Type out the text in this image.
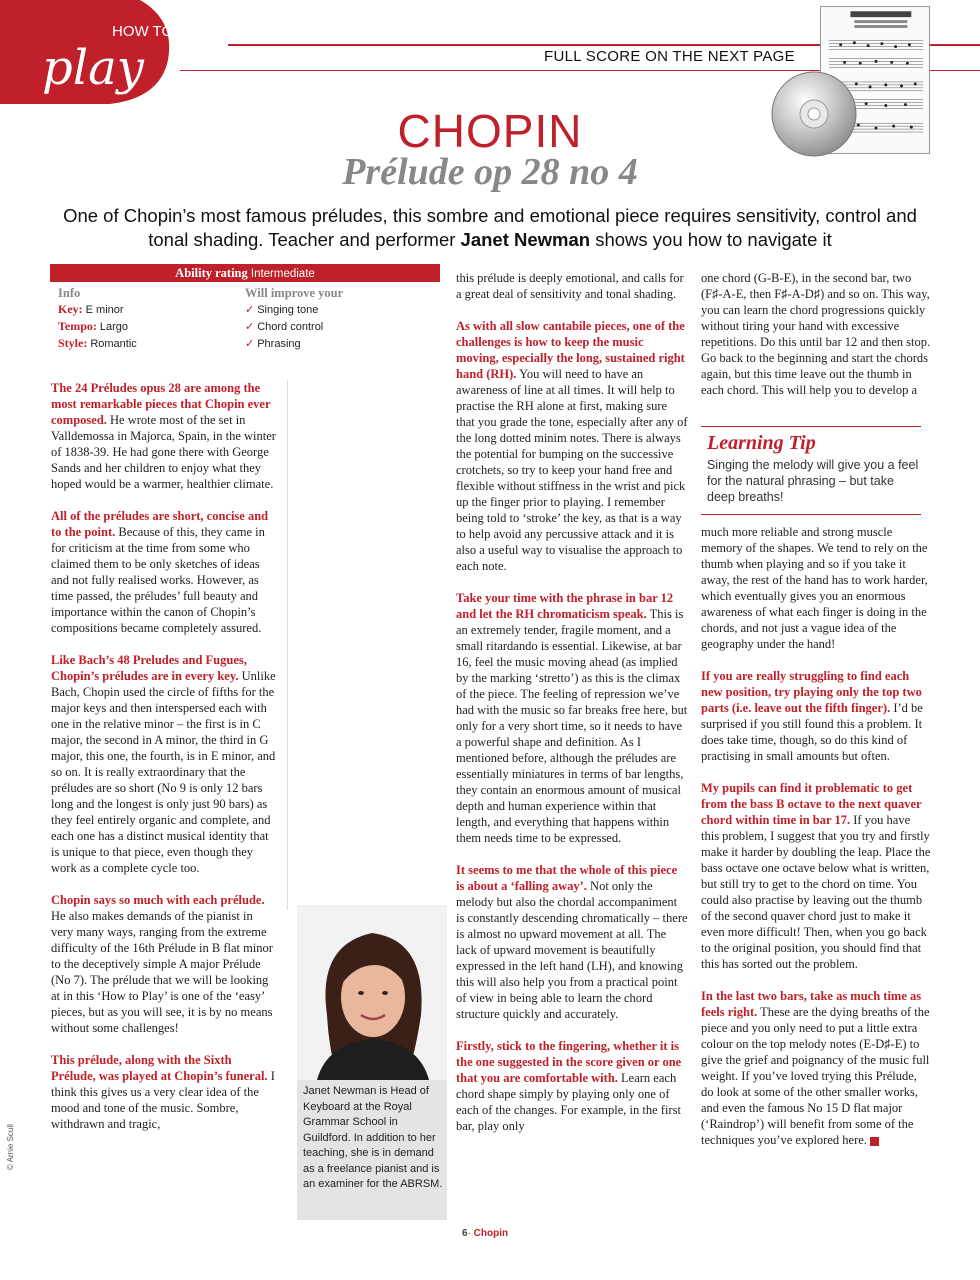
HOW TO
play	FULL SCORE ON THE NEXT PAGE
CHOPIN
Prélude op 28 no 4
One of Chopin’s most famous préludes, this sombre and emotional piece requires sensitivity, control and tonal shading. Teacher and performer Janet Newman shows you how to navigate it
Ability rating Intermediate
Info
Key: E minor
Tempo: Largo
Style: Romantic
Will improve your
✓ Singing tone
✓ Chord control
✓ Phrasing

The 24 Préludes opus 28 are among the most remarkable pieces that Chopin ever composed. He wrote most of the set in Valldemossa in Majorca, Spain, in the winter of 1838-39. He had gone there with George Sands and her children to enjoy what they hoped would be a warmer, healthier climate.

All of the préludes are short, concise and to the point. Because of this, they came in for criticism at the time from some who claimed them to be only sketches of ideas and not fully realised works. However, as time passed, the préludes’ full beauty and importance within the canon of Chopin’s compositions became completely assured.

Like Bach’s 48 Preludes and Fugues, Chopin’s préludes are in every key. Unlike Bach, Chopin used the circle of fifths for the major keys and then interspersed each with one in the relative minor – the first is in C major, the second in A minor, the third in G major, this one, the fourth, is in E minor, and so on. It is really extraordinary that the préludes are so short (No 9 is only 12 bars long and the longest is only just 90 bars) as they feel entirely organic and complete, and each one has a distinct musical identity that is unique to that piece, even though they work as a complete cycle too.

Chopin says so much with each prélude. He also makes demands of the pianist in very many ways, ranging from the extreme difficulty of the 16th Prélude in B flat minor to the deceptively simple A major Prélude (No 7). The prélude that we will be looking at in this ‘How to Play’ is one of the ‘easy’ pieces, but as you will see, it is by no means without some challenges!

This prélude, along with the Sixth Prélude, was played at Chopin’s funeral. I think this gives us a very clear idea of the mood and tone of the music. Sombre, withdrawn and tragic,

Janet Newman is Head of Keyboard at the Royal Grammar School in Guildford. In addition to her teaching, she is in demand as a freelance pianist and is an examiner for the ABRSM.

this prélude is deeply emotional, and calls for a great deal of sensitivity and tonal shading.

As with all slow cantabile pieces, one of the challenges is how to keep the music moving, especially the long, sustained right hand (RH). You will need to have an awareness of line at all times. It will help to practise the RH alone at first, making sure that you grade the tone, especially after any of the long dotted minim notes. There is always the potential for bumping on the successive crotchets, so try to keep your hand free and flexible without stiffness in the wrist and pick up the finger prior to playing. I remember being told to ‘stroke’ the key, as that is a way to help avoid any percussive attack and it is also a useful way to visualise the approach to each note.

Take your time with the phrase in bar 12 and let the RH chromaticism speak. This is an extremely tender, fragile moment, and a small ritardando is essential. Likewise, at bar 16, feel the music moving ahead (as implied by the marking ‘stretto’) as this is the climax of the piece. The feeling of repression we’ve had with the music so far breaks free here, but only for a very short time, so it needs to have a powerful shape and definition. As I mentioned before, although the préludes are essentially miniatures in terms of bar lengths, they contain an enormous amount of musical depth and human experience within that length, and everything that happens within them needs time to be expressed.

It seems to me that the whole of this piece is about a ‘falling away’. Not only the melody but also the chordal accompaniment is constantly descending chromatically – there is almost no upward movement at all. The lack of upward movement is beautifully expressed in the left hand (LH), and knowing this will also help you from a practical point of view in being able to learn the chord structure quickly and accurately.

Firstly, stick to the fingering, whether it is the one suggested in the score given or one that you are comfortable with. Learn each chord shape simply by playing only one of each of the changes. For example, in the first bar, play only

one chord (G-B-E), in the second bar, two (F♯-A-E, then F♯-A-D♯) and so on. This way, you can learn the chord progressions quickly without tiring your hand with excessive repetitions. Do this until bar 12 and then stop. Go back to the beginning and start the chords again, but this time leave out the thumb in each chord. This will help you to develop a

Learning Tip
Singing the melody will give you a feel for the natural phrasing – but take deep breaths!

much more reliable and strong muscle memory of the shapes. We tend to rely on the thumb when playing and so if you take it away, the rest of the hand has to work harder, which eventually gives you an enormous awareness of what each finger is doing in the chords, and not just a vague idea of the geography under the hand!

If you are really struggling to find each new position, try playing only the top two parts (i.e. leave out the fifth finger). I’d be surprised if you still found this a problem. It does take time, though, so do this kind of practising in small amounts but often.

My pupils can find it problematic to get from the bass B octave to the next quaver chord within time in bar 17. If you have this problem, I suggest that you try and firstly make it harder by doubling the leap. Place the bass octave one octave below what is written, but still try to get to the chord on time. You could also practise by leaving out the thumb of the second quaver chord just to make it even more difficult! Then, when you go back to the original position, you should find that this has sorted out the problem.

In the last two bars, take as much time as feels right. These are the dying breaths of the piece and you only need to put a little extra colour on the top melody notes (E-D♯-E) to give the grief and poignancy of the music full weight. If you’ve loved trying this Prélude, do look at some of the other smaller works, and even the famous No 15 D flat major (‘Raindrop’) will benefit from some of the techniques you’ve explored here.

6· Chopin
© Arnie Scull
